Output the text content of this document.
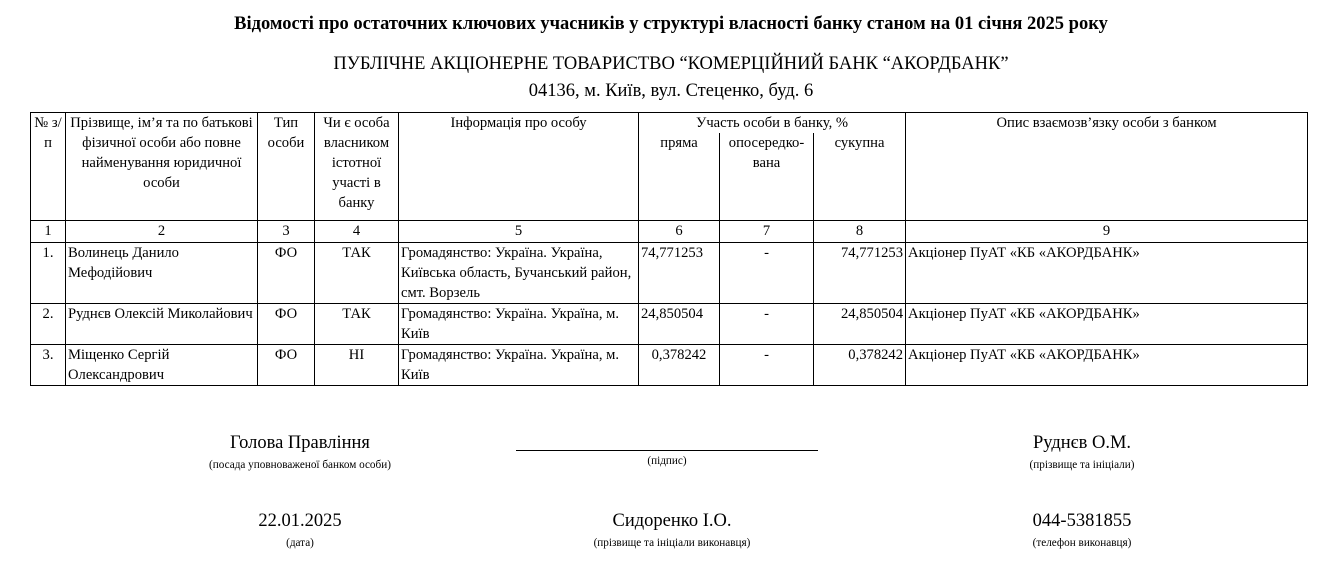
Відомості про остаточних ключових учасників у структурі власності банку станом на 01 січня 2025 року
ПУБЛІЧНЕ АКЦІОНЕРНЕ ТОВАРИСТВО “КОМЕРЦІЙНИЙ БАНК “АКОРДБАНК”
04136, м. Київ, вул. Стеценко, буд. 6
№ з/п	Прізвище, ім’я та по батькові фізичної особи або повне найменування юридичної особи	Тип особи	Чи є особа власником істотної участі в банку	Інформація про особу	Участь особи в банку, %			Опис взаємозв’язку особи з банком
					пряма	опосередко-вана	сукупна	
1	2	3	4	5	6	7	8	9
1.	Волинець Данило Мефодійович	ФО	ТАК	Громадянство: Україна. Україна, Київська область, Бучанський район, смт. Ворзель	74,771253	-	74,771253	Акціонер ПуАТ «КБ «АКОРДБАНК»
2.	Руднєв Олексій Миколайович	ФО	ТАК	Громадянство: Україна. Україна, м. Київ	24,850504	-	24,850504	Акціонер ПуАТ «КБ «АКОРДБАНК»
3.	Міщенко Сергій Олександрович	ФО	НІ	Громадянство: Україна. Україна, м. Київ	0,378242	-	0,378242	Акціонер ПуАТ «КБ «АКОРДБАНК»
Голова Правління
(посада уповноваженої банком особи)	(підпис)
Руднєв О.М.
(прізвище та ініціали)
22.01.2025
(дата)
Сидоренко І.О.
(прізвище та ініціали виконавця)
044-5381855
(телефон виконавця)
